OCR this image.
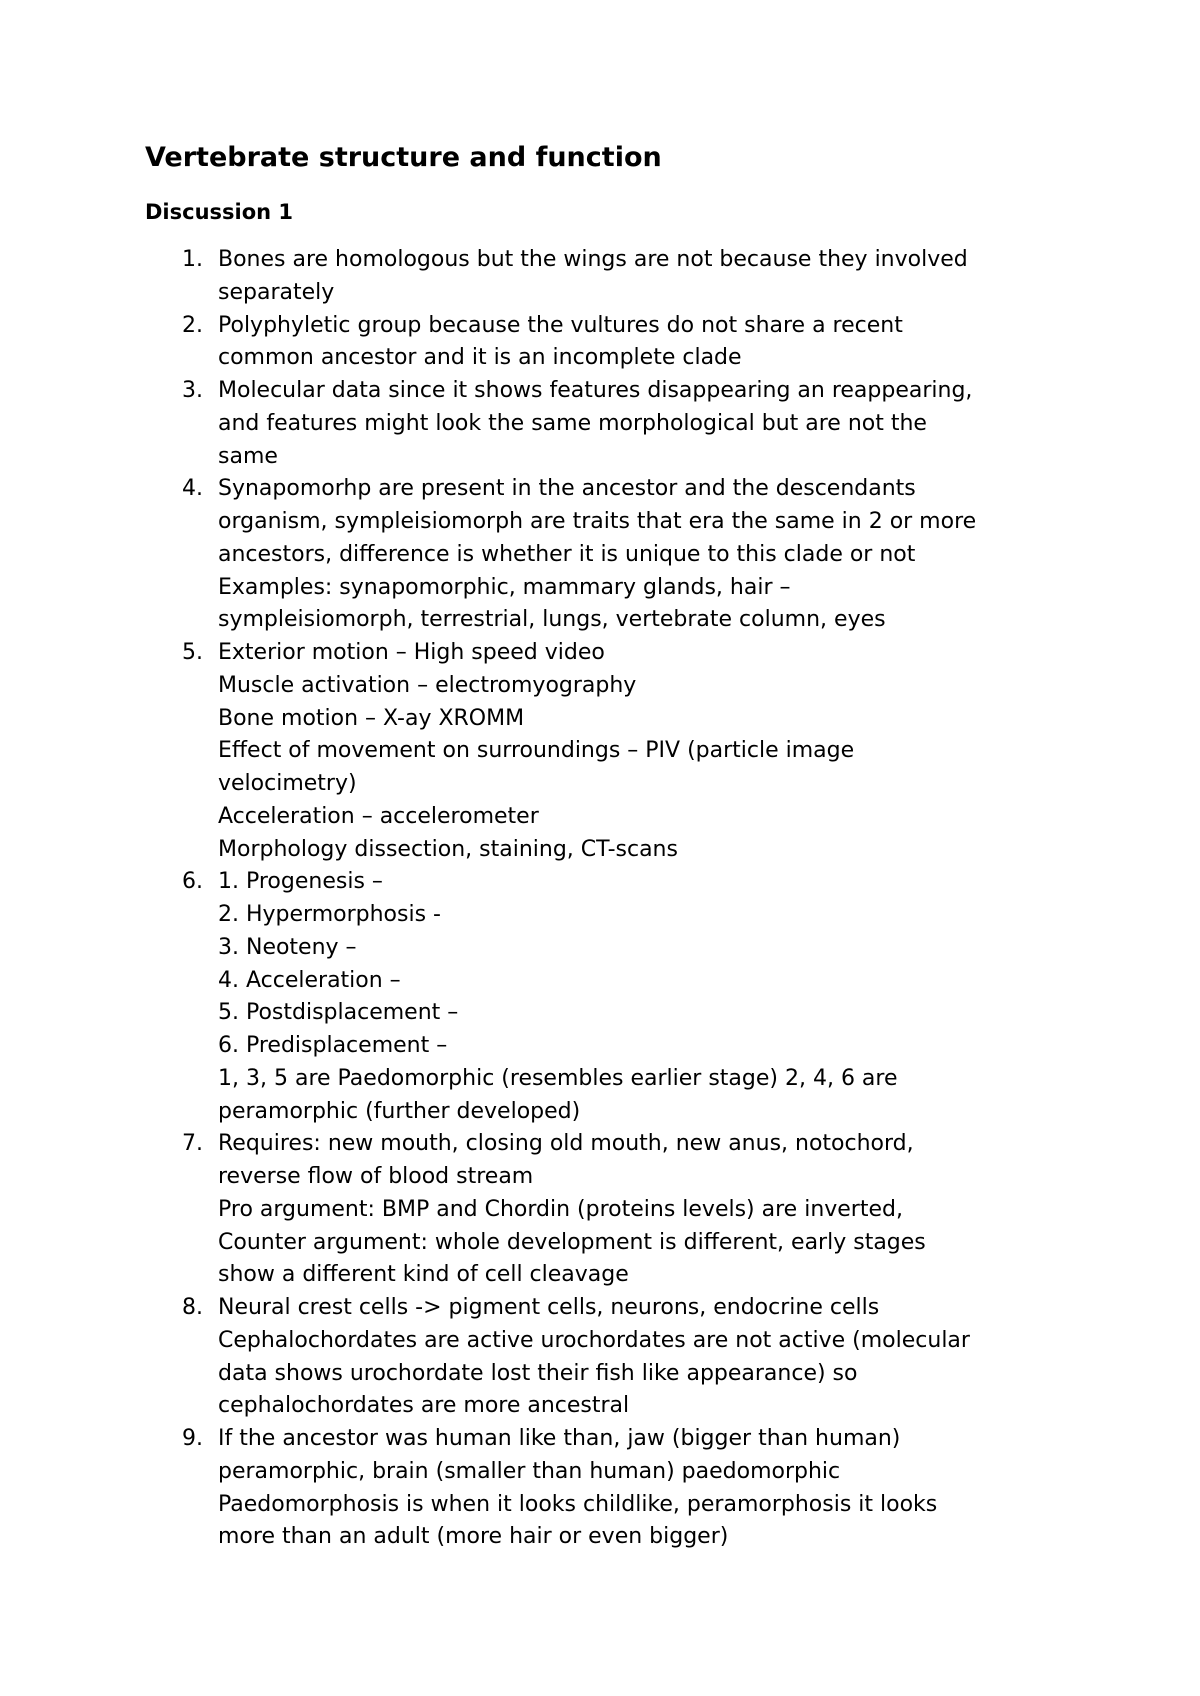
Vertebrate structure and function
Discussion 1
1. Bones are homologous but the wings are not because they involved
separately
2. Polyphyletic group because the vultures do not share a recent
common ancestor and it is an incomplete clade
3. Molecular data since it shows features disappearing an reappearing,
and features might look the same morphological but are not the
same
4. Synapomorhp are present in the ancestor and the descendants
organism, sympleisiomorph are traits that era the same in 2 or more
ancestors, difference is whether it is unique to this clade or not
Examples: synapomorphic, mammary glands, hair –
sympleisiomorph, terrestrial, lungs, vertebrate column, eyes
5. Exterior motion – High speed video
Muscle activation – electromyography
Bone motion – X-ay XROMM
Effect of movement on surroundings – PIV (particle image
velocimetry)
Acceleration – accelerometer
Morphology dissection, staining, CT-scans
6. 1. Progenesis –
2. Hypermorphosis -
3. Neoteny –
4. Acceleration –
5. Postdisplacement –
6. Predisplacement –
1, 3, 5 are Paedomorphic (resembles earlier stage) 2, 4, 6 are
peramorphic (further developed)
7. Requires: new mouth, closing old mouth, new anus, notochord,
reverse flow of blood stream
Pro argument: BMP and Chordin (proteins levels) are inverted,
Counter argument: whole development is different, early stages
show a different kind of cell cleavage
8. Neural crest cells -> pigment cells, neurons, endocrine cells
Cephalochordates are active urochordates are not active (molecular
data shows urochordate lost their fish like appearance) so
cephalochordates are more ancestral
9. If the ancestor was human like than, jaw (bigger than human)
peramorphic, brain (smaller than human) paedomorphic
Paedomorphosis is when it looks childlike, peramorphosis it looks
more than an adult (more hair or even bigger)
